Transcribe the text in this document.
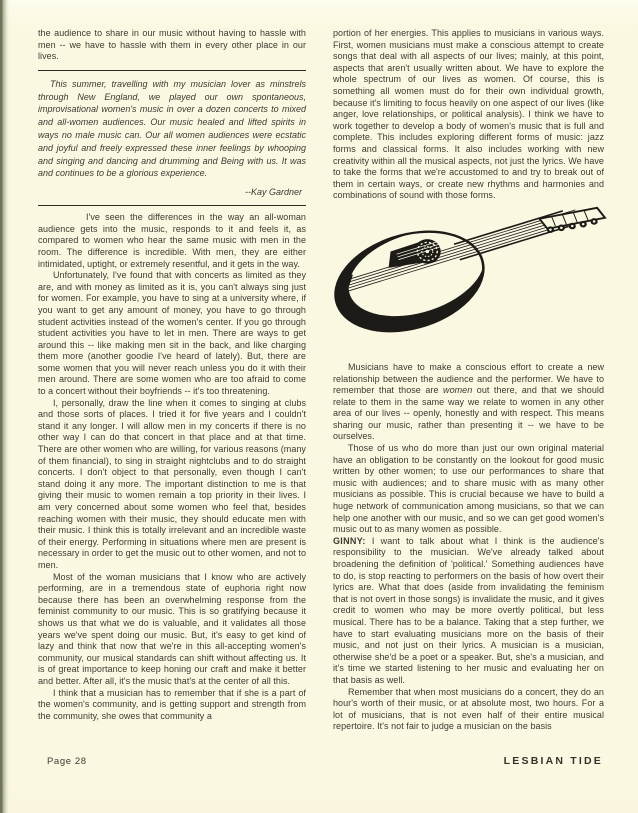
the audience to share in our music without having to hassle with men -- we have to hassle with them in every other place in our lives.

This summer, travelling with my musician lover as minstrels through New England, we played our own spontaneous, improvisational women's music in over a dozen concerts to mixed and all-women audiences. Our music healed and lifted spirits in ways no male music can. Our all women audiences were ecstatic and joyful and freely expressed these inner feelings by whooping and singing and dancing and drumming and Being with us. It was and continues to be a glorious experience.

--Kay Gardner

I've seen the differences in the way an all-woman audience gets into the music, responds to it and feels it, as compared to women who hear the same music with men in the room. The difference is incredible. With men, they are either intimidated, uptight, or extremely resentful, and it gets in the way.

Unfortunately, I've found that with concerts as limited as they are, and with money as limited as it is, you can't always sing just for women. For example, you have to sing at a university where, if you want to get any amount of money, you have to go through student activities instead of the women's center. If you go through student activities you have to let in men. There are ways to get around this -- like making men sit in the back, and like charging them more (another goodie I've heard of lately). But, there are some women that you will never reach unless you do it with their men around. There are some women who are too afraid to come to a concert without their boyfriends -- it's too threatening.

I, personally, draw the line when it comes to singing at clubs and those sorts of places. I tried it for five years and I couldn't stand it any longer. I will allow men in my concerts if there is no other way I can do that concert in that place and at that time. There are other women who are willing, for various reasons (many of them financial), to sing in straight nightclubs and to do straight concerts. I don't object to that personally, even though I can't stand doing it any more. The important distinction to me is that giving their music to women remain a top priority in their lives. I am very concerned about some women who feel that, besides reaching women with their music, they should educate men with their music. I think this is totally irrelevant and an incredible waste of their energy. Performing in situations where men are present is necessary in order to get the music out to other women, and not to men.

Most of the woman musicians that I know who are actively performing, are in a tremendous state of euphoria right now because there has been an overwhelming response from the feminist community to our music. This is so gratifying because it shows us that what we do is valuable, and it validates all those years we've spent doing our music. But, it's easy to get kind of lazy and think that now that we're in this all-accepting women's community, our musical standards can shift without affecting us. It is of great importance to keep honing our craft and make it better and better. After all, it's the music that's at the center of all this.

I think that a musician has to remember that if she is a part of the women's community, and is getting support and strength from the community, she owes that community a

portion of her energies. This applies to musicians in various ways. First, women musicians must make a conscious attempt to create songs that deal with all aspects of our lives; mainly, at this point, aspects that aren't usually written about. We have to explore the whole spectrum of our lives as women. Of course, this is something all women must do for their own individual growth, because it's limiting to focus heavily on one aspect of our lives (like anger, love relationships, or political analysis). I think we have to work together to develop a body of women's music that is full and complete. This includes exploring different forms of music: jazz forms and classical forms. It also includes working with new creativity within all the musical aspects, not just the lyrics. We have to take the forms that we're accustomed to and try to break out of them in certain ways, or create new rhythms and harmonies and combinations of sound with those forms.

Musicians have to make a conscious effort to create a new relationship between the audience and the performer. We have to remember that those are women out there, and that we should relate to them in the same way we relate to women in any other area of our lives -- openly, honestly and with respect. This means sharing our music, rather than presenting it -- we have to be ourselves.

Those of us who do more than just our own original material have an obligation to be constantly on the lookout for good music written by other women; to use our performances to share that music with audiences; and to share music with as many other musicians as possible. This is crucial because we have to build a huge network of communication among musicians, so that we can help one another with our music, and so we can get good women's music out to as many women as possible.

GINNY: I want to talk about what I think is the audience's responsibility to the musician. We've already talked about broadening the definition of 'political.' Something audiences have to do, is stop reacting to performers on the basis of how overt their lyrics are. What that does (aside from invalidating the feminism that is not overt in those songs) is invalidate the music, and it gives credit to women who may be more overtly political, but less musical. There has to be a balance. Taking that a step further, we have to start evaluating musicians more on the basis of their music, and not just on their lyrics. A musician is a musician, otherwise she'd be a poet or a speaker. But, she's a musician, and it's time we started listening to her music and evaluating her on that basis as well.

Remember that when most musicians do a concert, they do an hour's worth of their music, or at absolute most, two hours. For a lot of musicians, that is not even half of their entire musical repertoire. It's not fair to judge a musician on the basis

Page 28	LESBIAN TIDE
